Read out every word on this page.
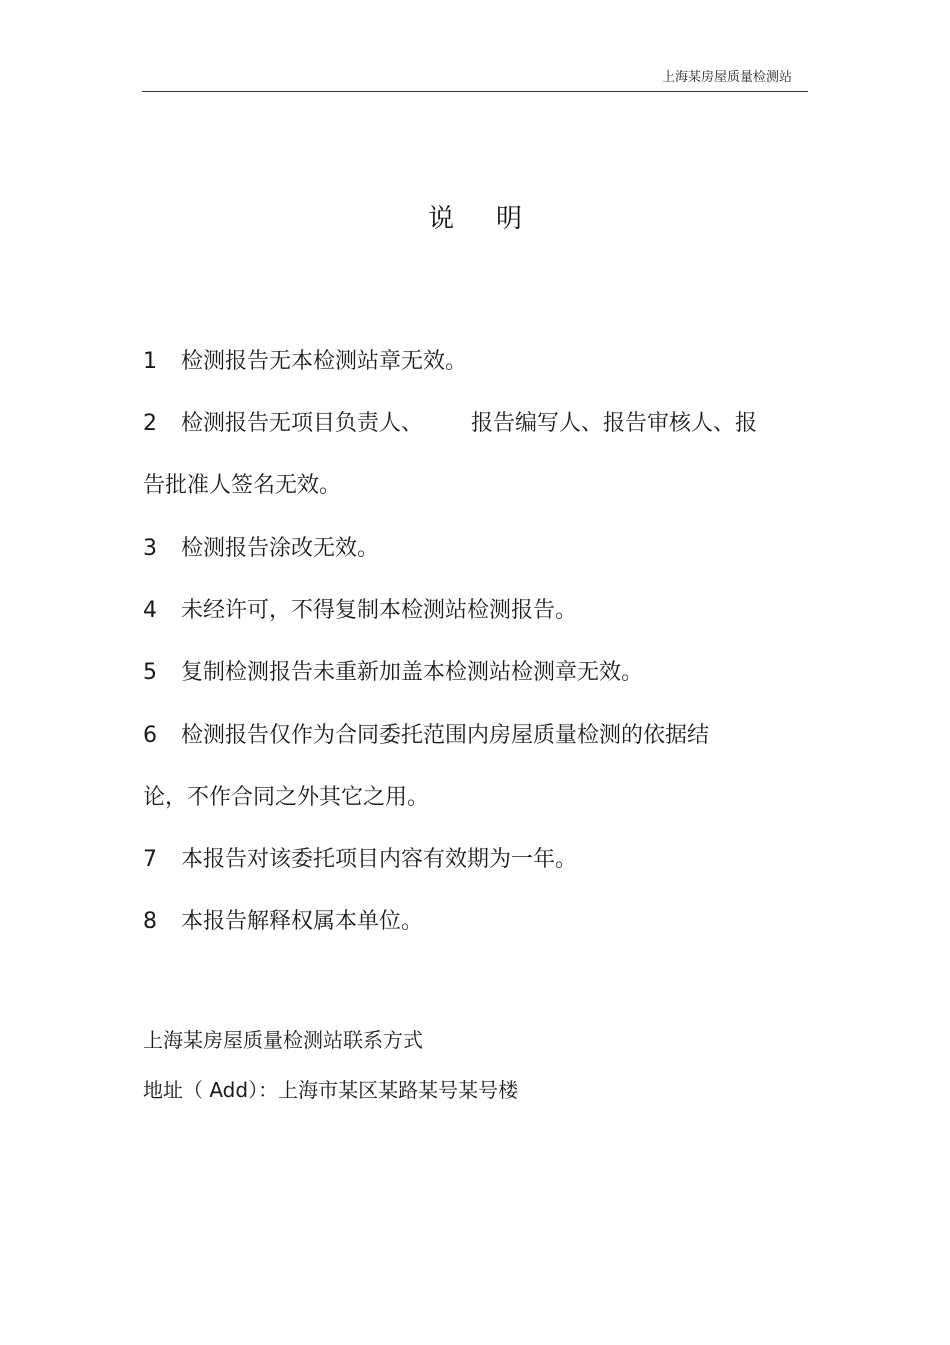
上海某房屋质量检测站
说 明
1 检测报告无本检测站章无效。
2 检测报告无项目负责人、 报告编写人、报告审核人、报
告批准人签名无效。
3 检测报告涂改无效。
4 未经许可，不得复制本检测站检测报告。
5 复制检测报告未重新加盖本检测站检测章无效。
6 检测报告仅作为合同委托范围内房屋质量检测的依据结
论，不作合同之外其它之用。
7 本报告对该委托项目内容有效期为一年。
8 本报告解释权属本单位。
上海某房屋质量检测站联系方式
地址（ Add）：上海市某区某路某号某号楼
